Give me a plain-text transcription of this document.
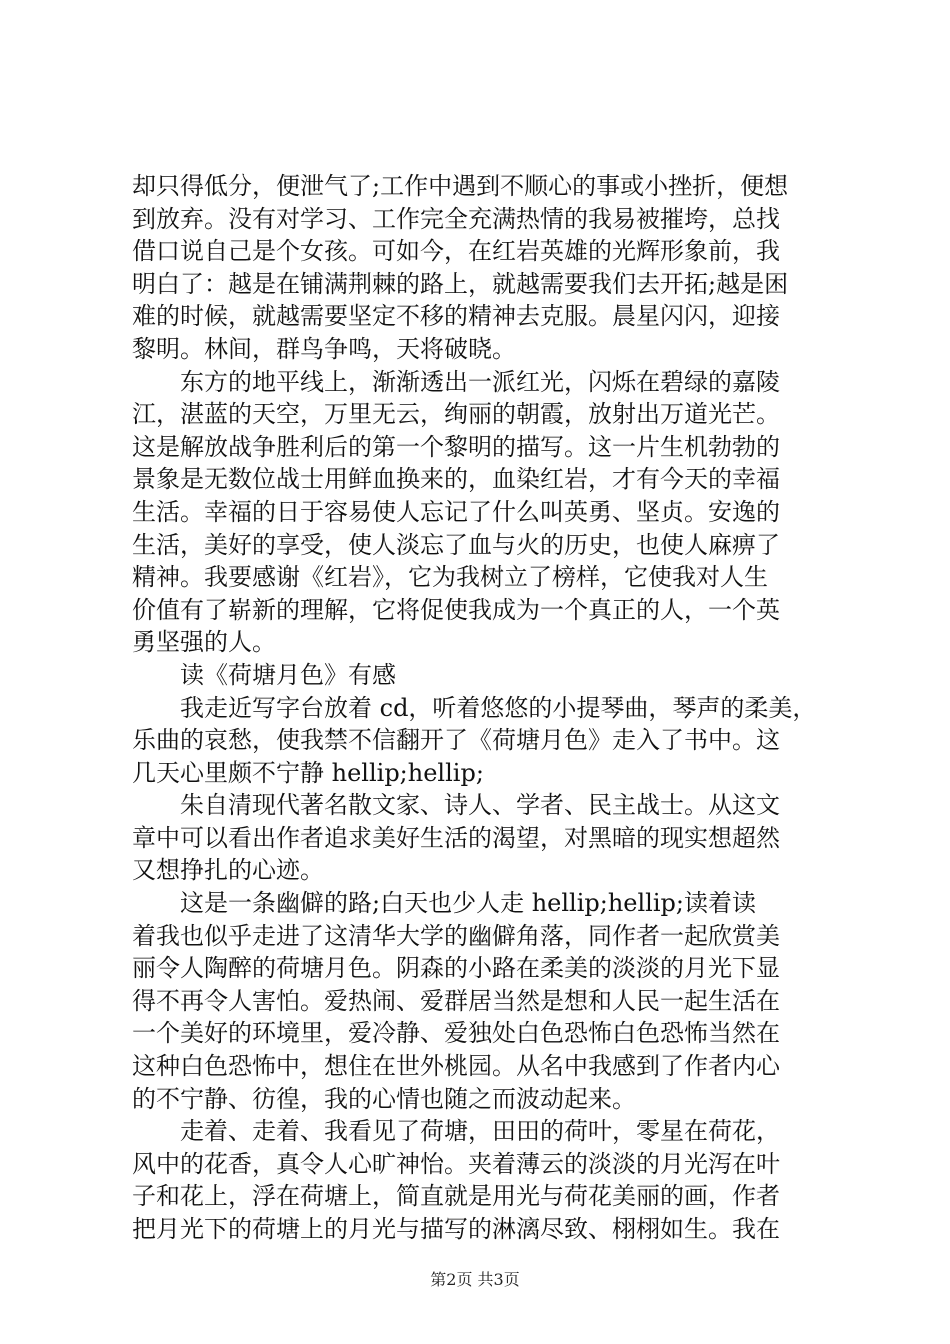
却只得低分，便泄气了;工作中遇到不顺心的事或小挫折，便想
到放弃。没有对学习、工作完全充满热情的我易被摧垮，总找
借口说自己是个女孩。可如今，在红岩英雄的光辉形象前，我
明白了：越是在铺满荆棘的路上，就越需要我们去开拓;越是困
难的时候，就越需要坚定不移的精神去克服。晨星闪闪，迎接
黎明。林间，群鸟争鸣，天将破晓。
　　东方的地平线上，渐渐透出一派红光，闪烁在碧绿的嘉陵
江，湛蓝的天空，万里无云，绚丽的朝霞，放射出万道光芒。
这是解放战争胜利后的第一个黎明的描写。这一片生机勃勃的
景象是无数位战士用鲜血换来的，血染红岩，才有今天的幸福
生活。幸福的日于容易使人忘记了什么叫英勇、坚贞。安逸的
生活，美好的享受，使人淡忘了血与火的历史，也使人麻痹了
精神。我要感谢《红岩》，它为我树立了榜样，它使我对人生
价值有了崭新的理解，它将促使我成为一个真正的人，一个英
勇坚强的人。
　　读《荷塘月色》有感
　　我走近写字台放着 cd，听着悠悠的小提琴曲，琴声的柔美，
乐曲的哀愁，使我禁不信翻开了《荷塘月色》走入了书中。这
几天心里颇不宁静 hellip;hellip;
　　朱自清现代著名散文家、诗人、学者、民主战士。从这文
章中可以看出作者追求美好生活的渴望，对黑暗的现实想超然
又想挣扎的心迹。
　　这是一条幽僻的路;白天也少人走 hellip;hellip;读着读
着我也似乎走进了这清华大学的幽僻角落，同作者一起欣赏美
丽令人陶醉的荷塘月色。阴森的小路在柔美的淡淡的月光下显
得不再令人害怕。爱热闹、爱群居当然是想和人民一起生活在
一个美好的环境里，爱冷静、爱独处白色恐怖白色恐怖当然在
这种白色恐怖中，想住在世外桃园。从名中我感到了作者内心
的不宁静、彷徨，我的心情也随之而波动起来。
　　走着、走着、我看见了荷塘，田田的荷叶，零星在荷花，
风中的花香，真令人心旷神怡。夹着薄云的淡淡的月光泻在叶
子和花上，浮在荷塘上，简直就是用光与荷花美丽的画，作者
把月光下的荷塘上的月光与描写的淋漓尽致、栩栩如生。我在
第2页 共3页
